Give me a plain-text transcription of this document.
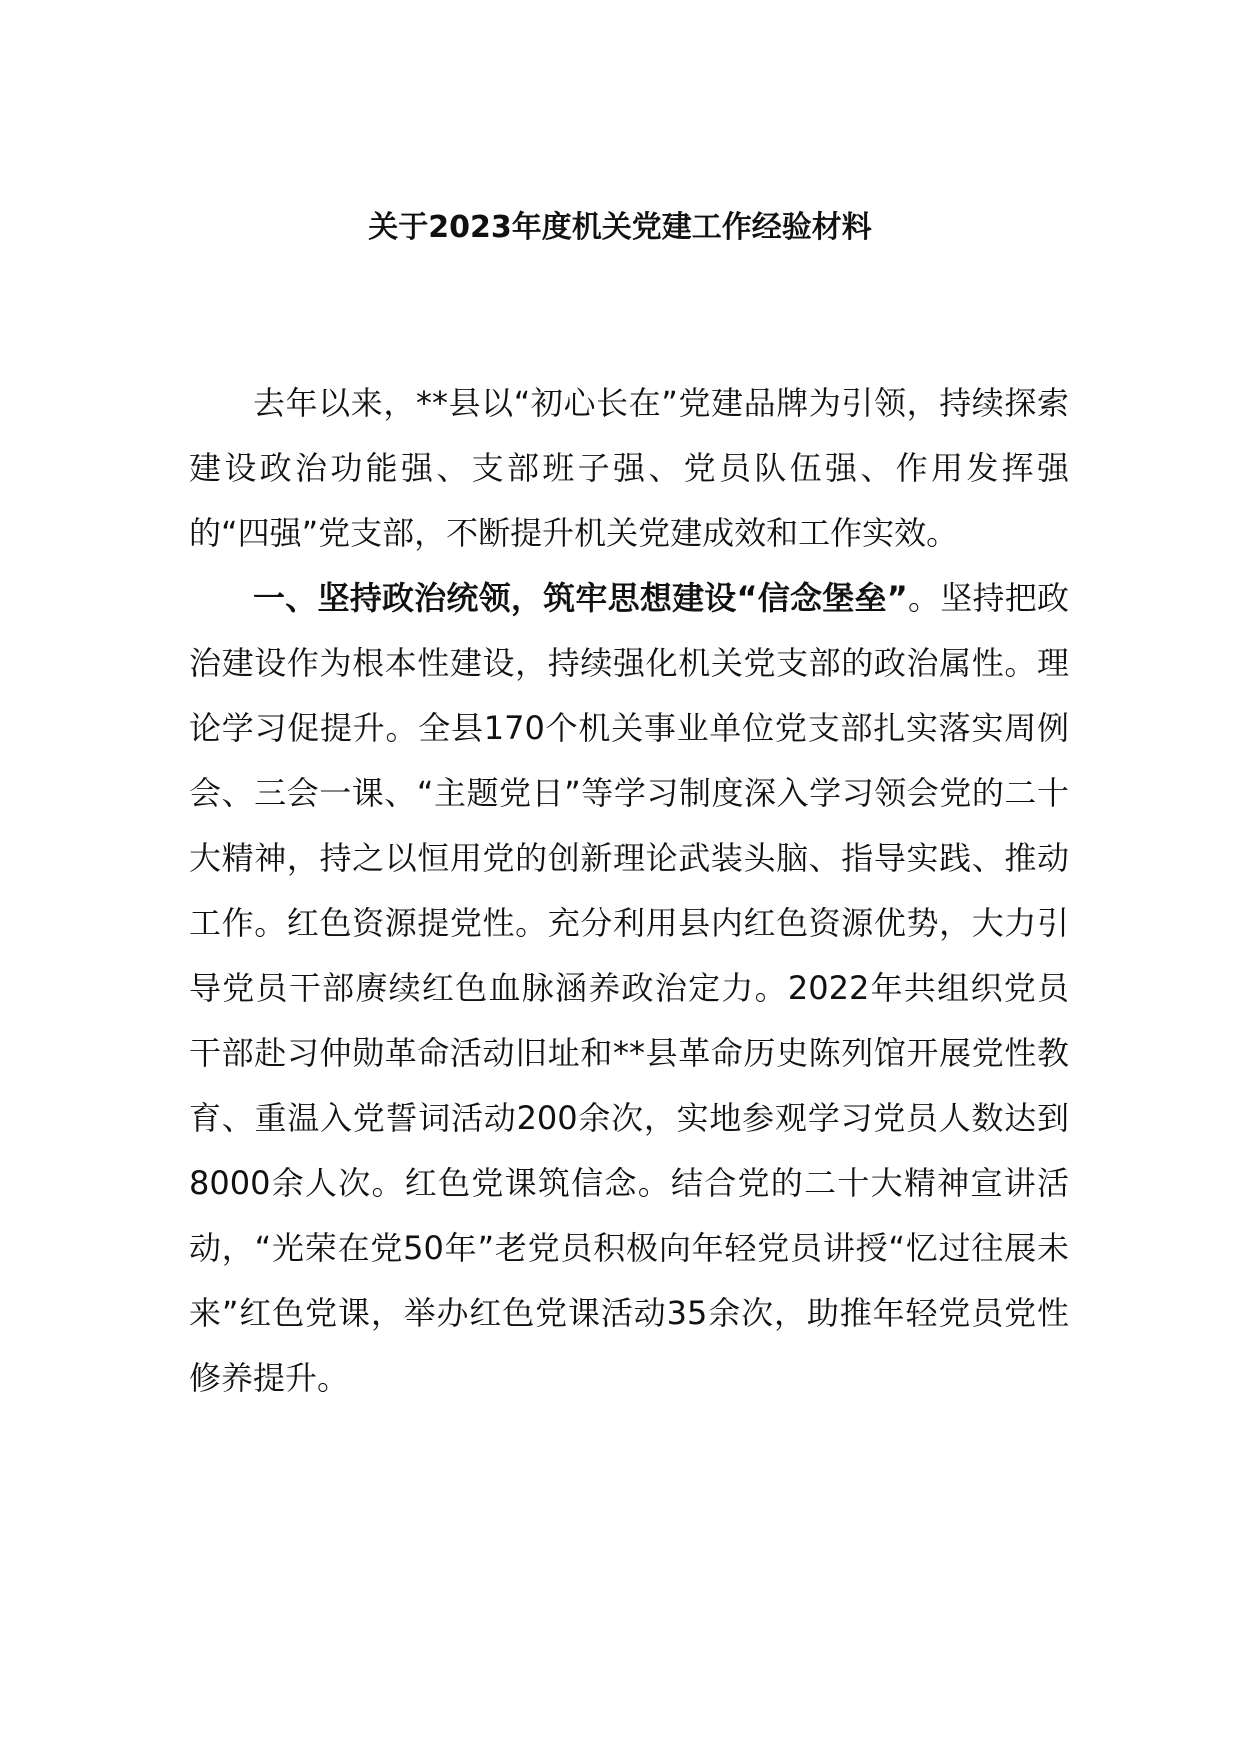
关于2023年度机关党建工作经验材料

去年以来，**县以“初心长在”党建品牌为引领，持续探索建设政治功能强、支部班子强、党员队伍强、作用发挥强的“四强”党支部，不断提升机关党建成效和工作实效。

一、坚持政治统领，筑牢思想建设“信念堡垒”。坚持把政治建设作为根本性建设，持续强化机关党支部的政治属性。理论学习促提升。全县170个机关事业单位党支部扎实落实周例会、三会一课、“主题党日”等学习制度深入学习领会党的二十大精神，持之以恒用党的创新理论武装头脑、指导实践、推动工作。红色资源提党性。充分利用县内红色资源优势，大力引导党员干部赓续红色血脉涵养政治定力。2022年共组织党员干部赴习仲勋革命活动旧址和**县革命历史陈列馆开展党性教育、重温入党誓词活动200余次，实地参观学习党员人数达到8000余人次。红色党课筑信念。结合党的二十大精神宣讲活动，“光荣在党50年”老党员积极向年轻党员讲授“忆过往展未来”红色党课，举办红色党课活动35余次，助推年轻党员党性修养提升。
